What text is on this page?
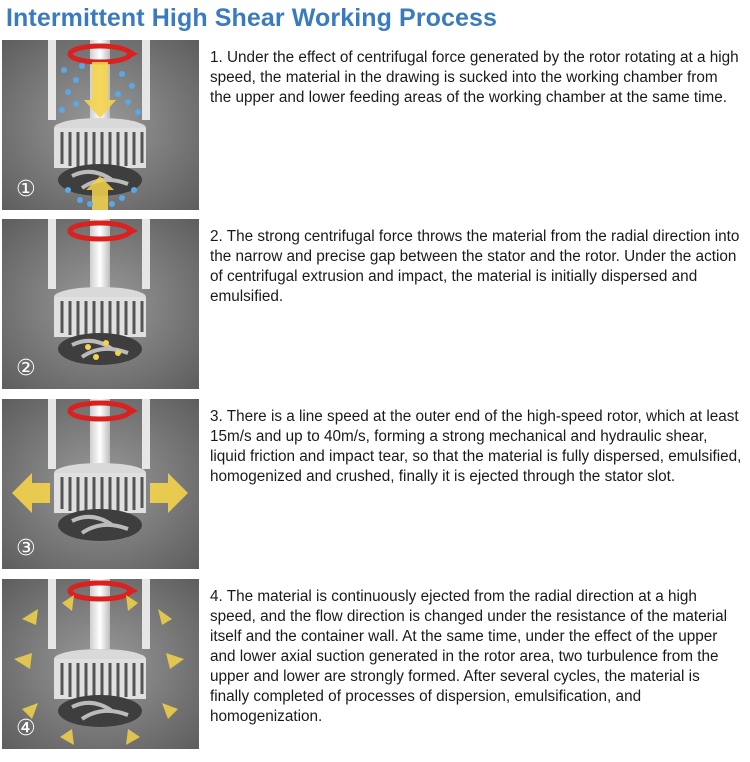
Intermittent High Shear Working Process
①
1. Under the effect of centrifugal force generated by the rotor rotating at a high speed, the material in the drawing is sucked into the working chamber from the upper and lower feeding areas of the working chamber at the same time.
②
2. The strong centrifugal force throws the material from the radial direction into the narrow and precise gap between the stator and the rotor. Under the action of centrifugal extrusion and impact, the material is initially dispersed and emulsified.
③
3. There is a line speed at the outer end of the high-speed rotor, which at least 15m/s and up to 40m/s, forming a strong mechanical and hydraulic shear, liquid friction and impact tear, so that the material is fully dispersed, emulsified, homogenized and crushed, finally it is ejected through the stator slot.
④
4. The material is continuously ejected from the radial direction at a high speed, and the flow direction is changed under the resistance of the material itself and the container wall. At the same time, under the effect of the upper and lower axial suction generated in the rotor area, two turbulence from the upper and lower are strongly formed. After several cycles, the material is finally completed of processes of dispersion, emulsification, and homogenization.
